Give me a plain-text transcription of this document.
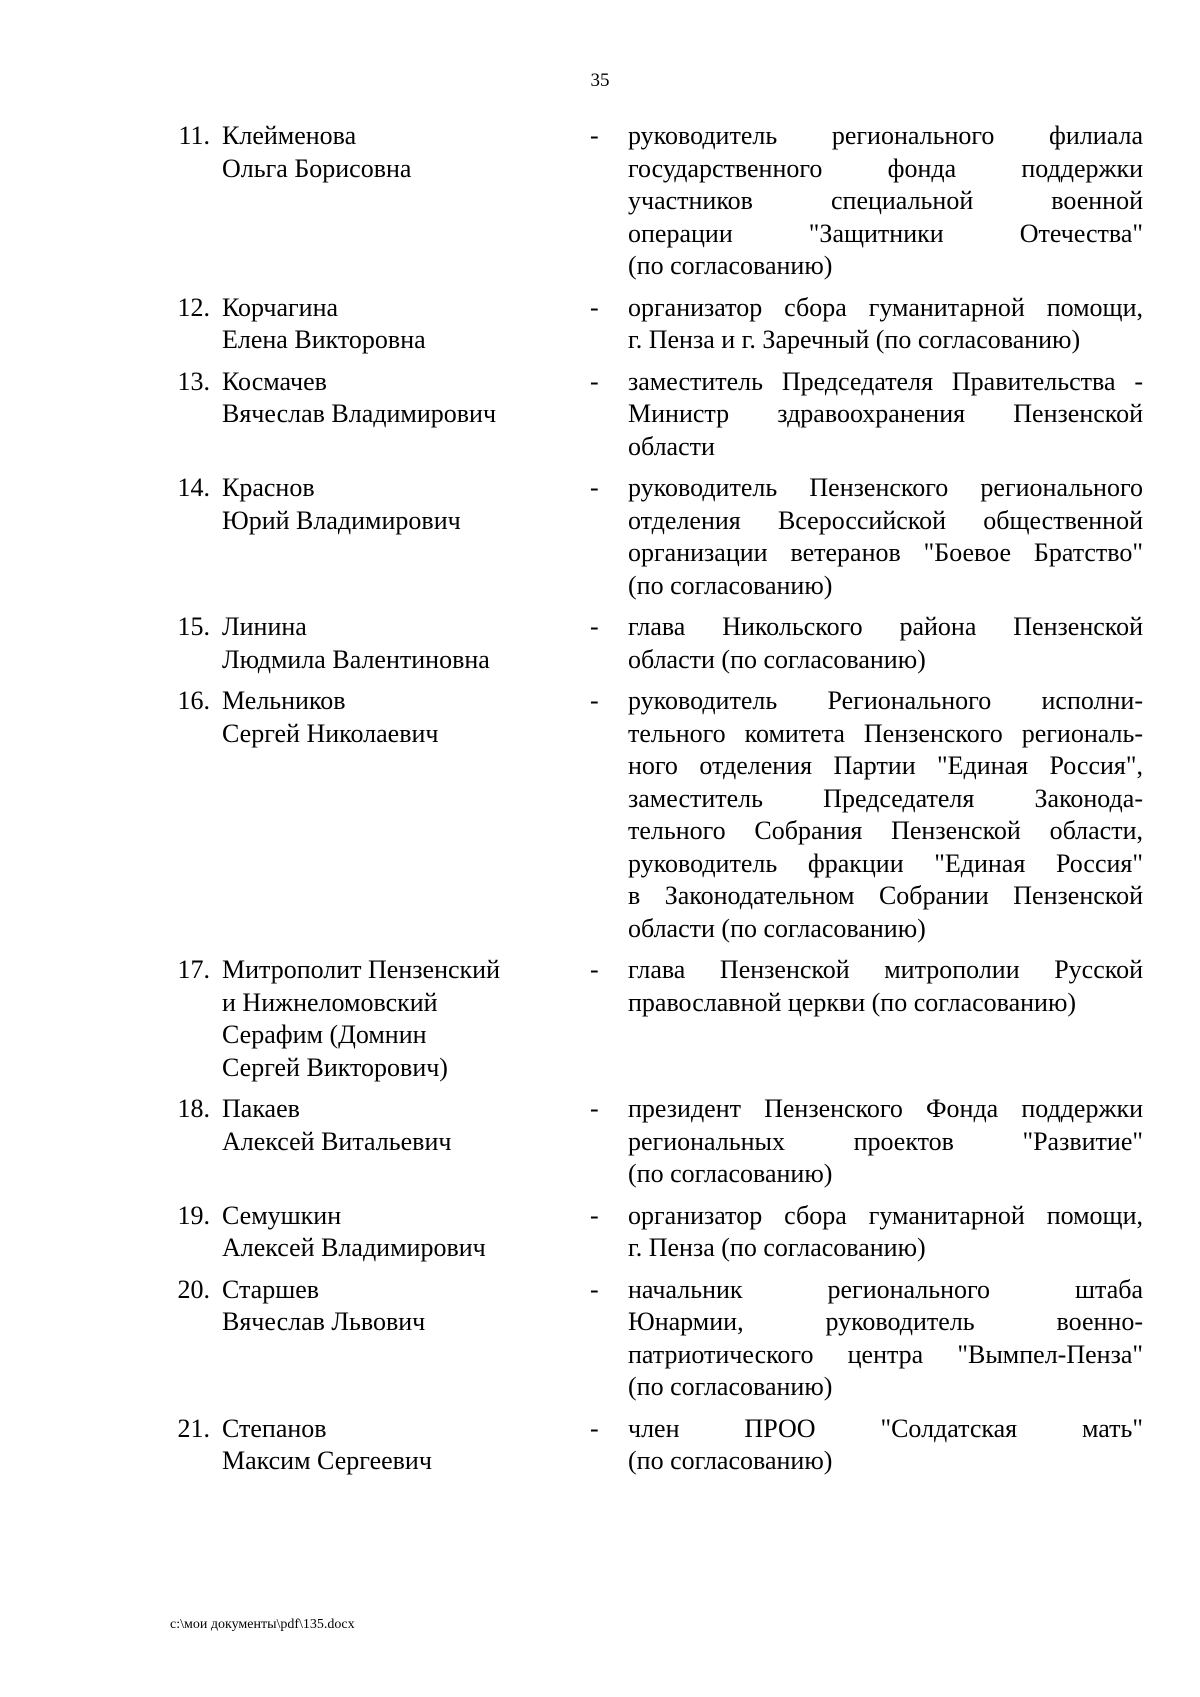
35
11. Клейменова
Ольга Борисовна
- руководитель регионального филиала
государственного фонда поддержки
участников специальной военной
операции "Защитники Отечества"
(по согласованию)
12. Корчагина
Елена Викторовна
- организатор сбора гуманитарной помощи,
г. Пенза и г. Заречный (по согласованию)
13. Космачев
Вячеслав Владимирович
- заместитель Председателя Правительства -
Министр здравоохранения Пензенской
области
14. Краснов
Юрий Владимирович
- руководитель Пензенского регионального
отделения Всероссийской общественной
организации ветеранов "Боевое Братство"
(по согласованию)
15. Линина
Людмила Валентиновна
- глава Никольского района Пензенской
области (по согласованию)
16. Мельников
Сергей Николаевич
- руководитель Регионального исполни-
тельного комитета Пензенского региональ-
ного отделения Партии "Единая Россия",
заместитель Председателя Законода-
тельного Собрания Пензенской области,
руководитель фракции "Единая Россия"
в Законодательном Собрании Пензенской
области (по согласованию)
17. Митрополит Пензенский
и Нижнеломовский
Серафим (Домнин
Сергей Викторович)
- глава Пензенской митрополии Русской
православной церкви (по согласованию)
18. Пакаев
Алексей Витальевич
- президент Пензенского Фонда поддержки
региональных проектов "Развитие"
(по согласованию)
19. Семушкин
Алексей Владимирович
- организатор сбора гуманитарной помощи,
г. Пенза (по согласованию)
20. Старшев
Вячеслав Львович
- начальник регионального штаба
Юнармии, руководитель военно-
патриотического центра "Вымпел-Пенза"
(по согласованию)
21. Степанов
Максим Сергеевич
- член ПРОО "Солдатская мать"
(по согласованию)
c:\мои документы\pdf\135.docx
